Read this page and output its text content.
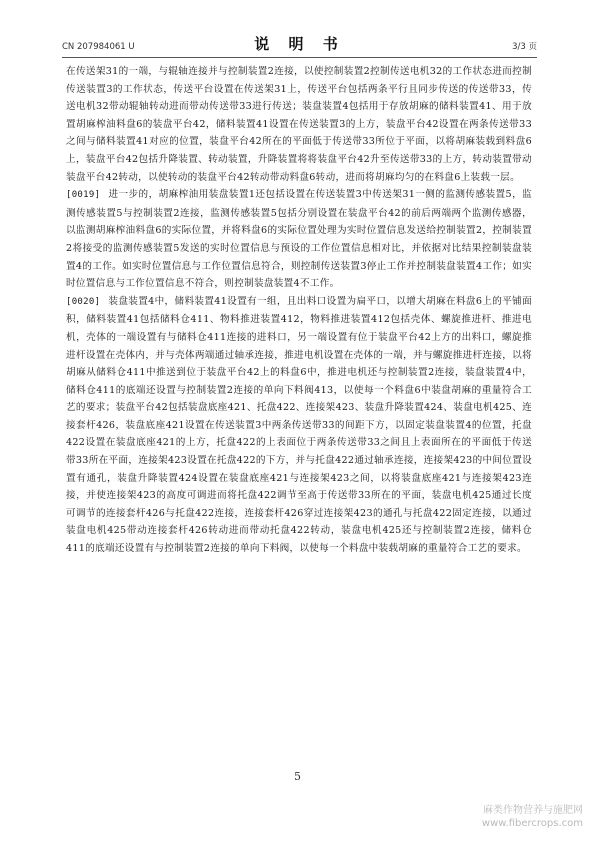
CN 207984061 U	说 明 书	3/3 页

在传送架31的一端，与辊轴连接并与控制装置2连接，以使控制装置2控制传送电机32的工作状态进而控制传送装置3的工作状态，传送平台设置在传送架31上，传送平台包括两条平行且同步传送的传送带33，传送电机32带动辊轴转动进而带动传送带33进行传送；装盘装置4包括用于存放胡麻的储料装置41、用于放置胡麻榨油料盘6的装盘平台42，储料装置41设置在传送装置3的上方，装盘平台42设置在两条传送带33之间与储料装置41对应的位置，装盘平台42所在的平面低于传送带33所位于平面，以将胡麻装载到料盘6上，装盘平台42包括升降装置、转动装置，升降装置将将装盘平台42升至传送带33的上方，转动装置带动装盘平台42转动，以使转动的装盘平台42转动带动料盘6转动，进而将胡麻均匀的在料盘6上装载一层。

[0019] 进一步的，胡麻榨油用装盘装置1还包括设置在传送装置3中传送架31一侧的监测传感装置5，监测传感装置5与控制装置2连接，监测传感装置5包括分别设置在装盘平台42的前后两端两个监测传感器，以监测胡麻榨油料盘6的实际位置，并将料盘6的实际位置处理为实时位置信息发送给控制装置2，控制装置2将接受的监测传感装置5发送的实时位置信息与预设的工作位置信息相对比，并依据对比结果控制装盘装置4的工作。如实时位置信息与工作位置信息符合，则控制传送装置3停止工作并控制装盘装置4工作；如实时位置信息与工作位置信息不符合，则控制装盘装置4不工作。

[0020] 装盘装置4中，储料装置41设置有一组，且出料口设置为扁平口，以增大胡麻在料盘6上的平铺面积，储料装置41包括储料仓411、物料推进装置412，物料推进装置412包括壳体、螺旋推进杆、推进电机，壳体的一端设置有与储料仓411连接的进料口，另一端设置有位于装盘平台42上方的出料口，螺旋推进杆设置在壳体内，并与壳体两端通过轴承连接，推进电机设置在壳体的一端，并与螺旋推进杆连接，以将胡麻从储料仓411中推送到位于装盘平台42上的料盘6中，推进电机还与控制装置2连接，装盘装置4中，储料仓411的底端还设置与控制装置2连接的单向下料阀413，以使每一个料盘6中装盘胡麻的重量符合工艺的要求；装盘平台42包括装盘底座421、托盘422、连接架423、装盘升降装置424、装盘电机425、连接套杆426，装盘底座421设置在传送装置3中两条传送带33的间距下方，以固定装盘装置4的位置，托盘422设置在装盘底座421的上方，托盘422的上表面位于两条传送带33之间且上表面所在的平面低于传送带33所在平面，连接架423设置在托盘422的下方，并与托盘422通过轴承连接，连接架423的中间位置设置有通孔，装盘升降装置424设置在装盘底座421与连接架423之间，以将装盘底座421与连接架423连接，并使连接架423的高度可调进而将托盘422调节至高于传送带33所在的平面，装盘电机425通过长度可调节的连接套杆426与托盘422连接，连接套杆426穿过连接架423的通孔与托盘422固定连接，以通过装盘电机425带动连接套杆426转动进而带动托盘422转动，装盘电机425还与控制装置2连接，储料仓411的底端还设置有与控制装置2连接的单向下料阀，以使每一个料盘中装载胡麻的重量符合工艺的要求。

5
麻类作物营养与施肥网
www.fibercrops.com
